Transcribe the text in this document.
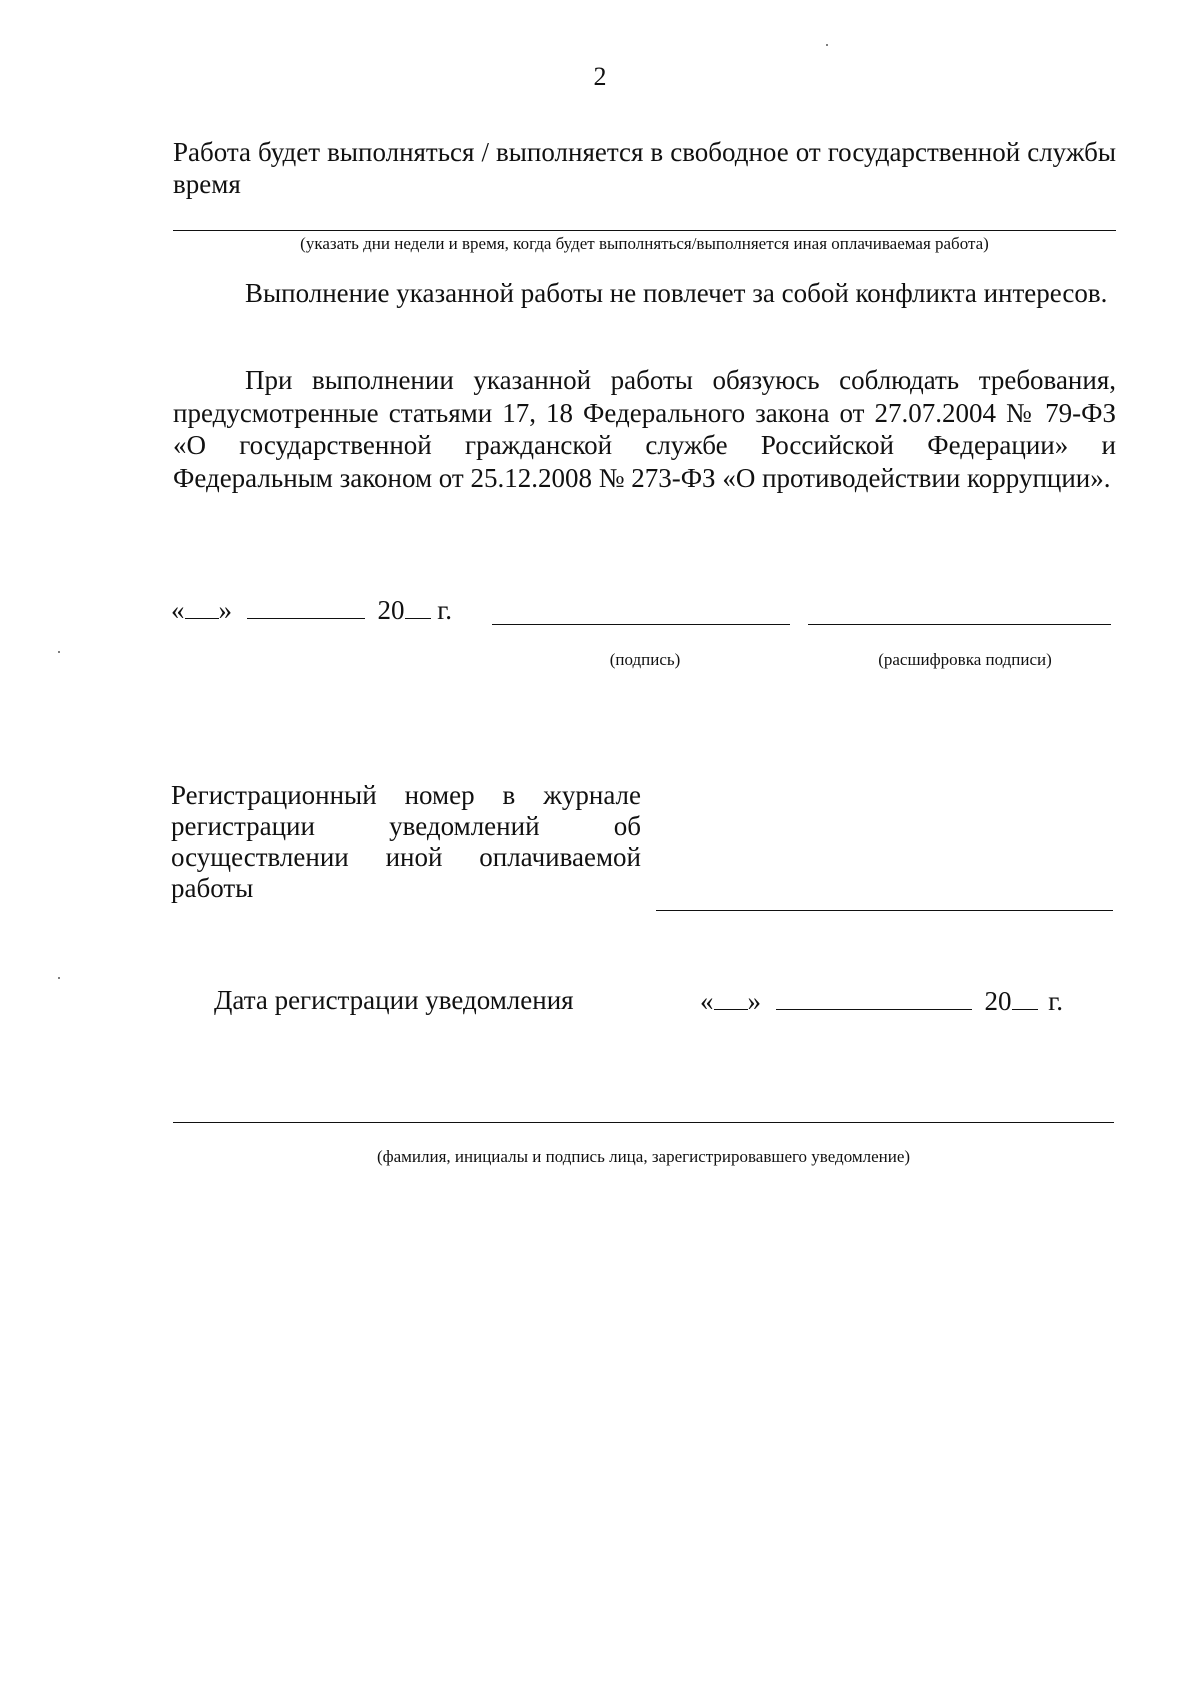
2
Работа будет выполняться / выполняется в свободное от государственной службы время
(указать дни недели и время, когда будет выполняться/выполняется иная оплачиваемая работа)
Выполнение указанной работы не повлечет за собой конфликта интересов.
При выполнении указанной работы обязуюсь соблюдать требования, предусмотренные статьями 17, 18 Федерального закона от 27.07.2004 № 79-ФЗ «О государственной гражданской службе Российской Федерации» и Федеральным законом от 25.12.2008 № 273-ФЗ «О противодействии коррупции».
« »	20 г.
(подпись)	(расшифровка подписи)
Регистрационный номер в журнале
регистрации уведомлений об
осуществлении иной оплачиваемой
работы
Дата регистрации уведомления	« »	20 г.
(фамилия, инициалы и подпись лица, зарегистрировавшего уведомление)
